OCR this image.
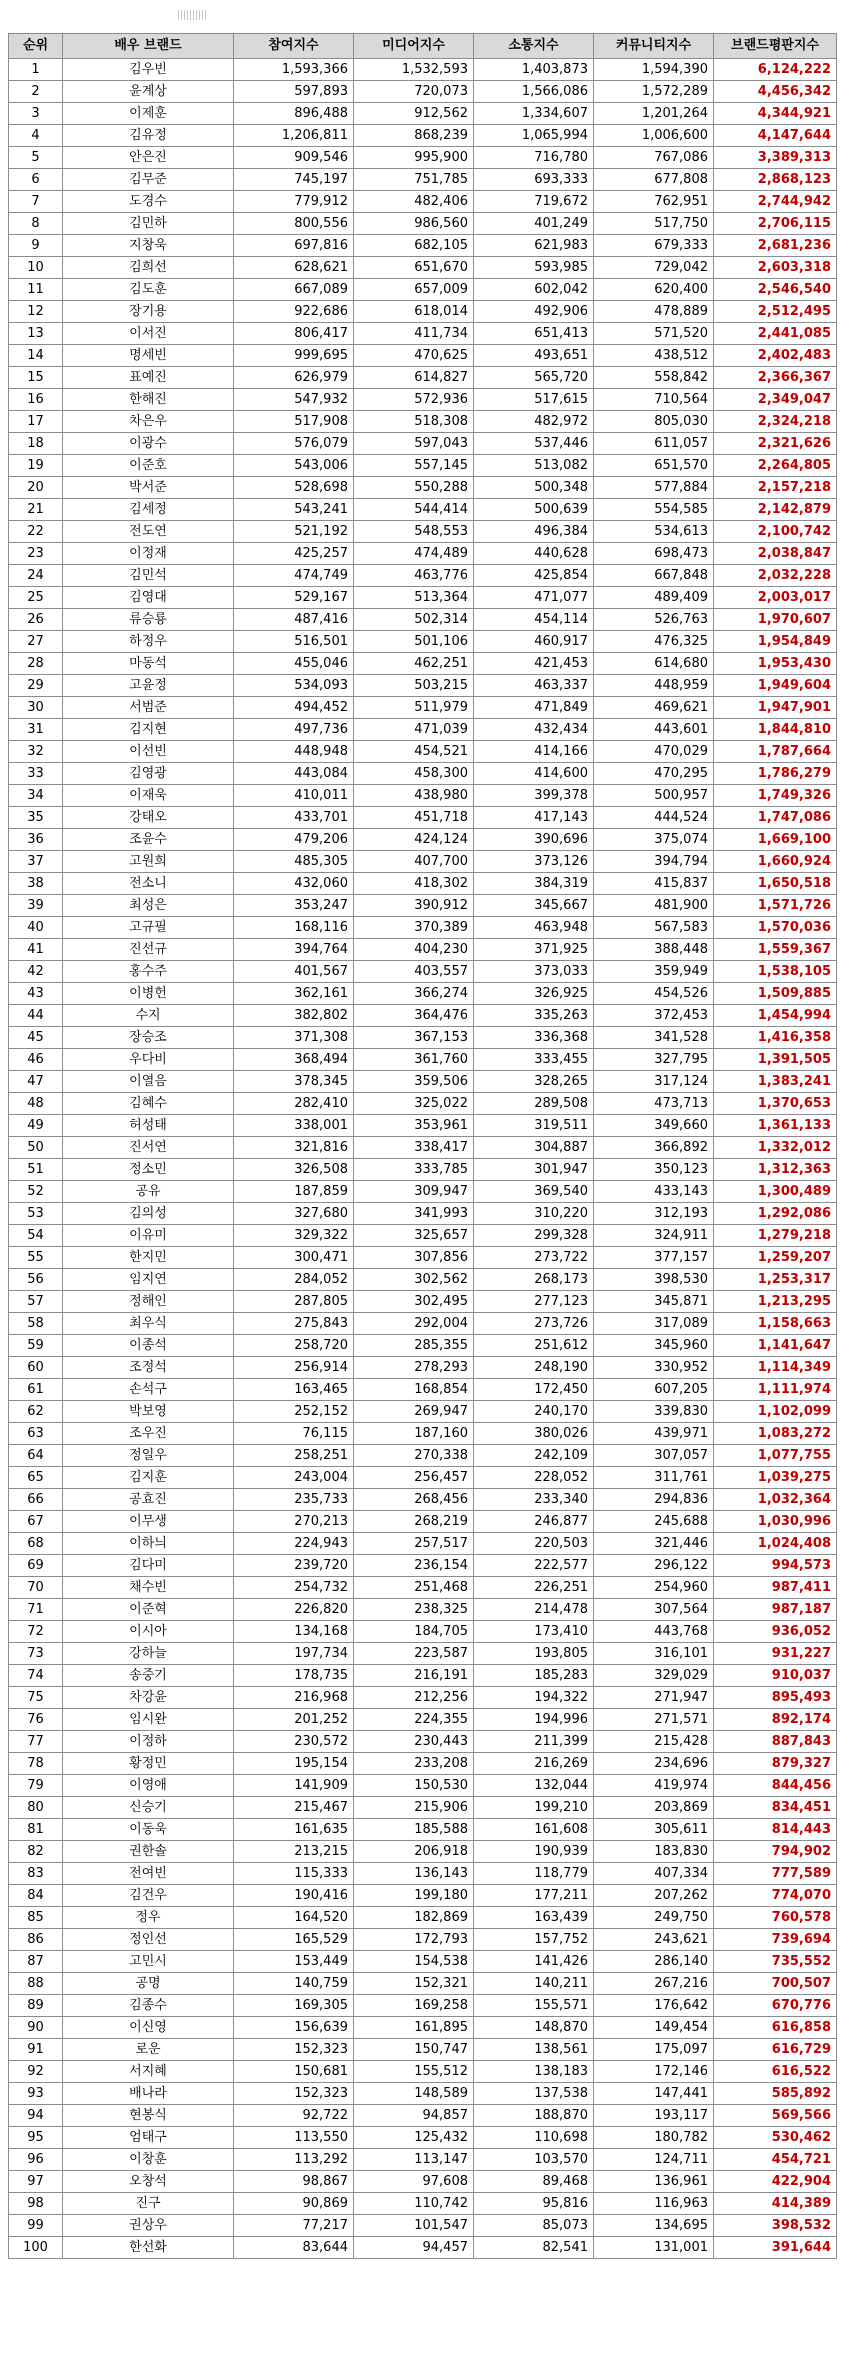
순위	배우 브랜드	참여지수	미디어지수	소통지수	커뮤니티지수	브랜드평판지수
1	김우빈	1,593,366	1,532,593	1,403,873	1,594,390	6,124,222
2	윤계상	597,893	720,073	1,566,086	1,572,289	4,456,342
3	이제훈	896,488	912,562	1,334,607	1,201,264	4,344,921
4	김유정	1,206,811	868,239	1,065,994	1,006,600	4,147,644
5	안은진	909,546	995,900	716,780	767,086	3,389,313
6	김무준	745,197	751,785	693,333	677,808	2,868,123
7	도경수	779,912	482,406	719,672	762,951	2,744,942
8	김민하	800,556	986,560	401,249	517,750	2,706,115
9	지창욱	697,816	682,105	621,983	679,333	2,681,236
10	김희선	628,621	651,670	593,985	729,042	2,603,318
11	김도훈	667,089	657,009	602,042	620,400	2,546,540
12	장기용	922,686	618,014	492,906	478,889	2,512,495
13	이서진	806,417	411,734	651,413	571,520	2,441,085
14	명세빈	999,695	470,625	493,651	438,512	2,402,483
15	표예진	626,979	614,827	565,720	558,842	2,366,367
16	한해진	547,932	572,936	517,615	710,564	2,349,047
17	차은우	517,908	518,308	482,972	805,030	2,324,218
18	이광수	576,079	597,043	537,446	611,057	2,321,626
19	이준호	543,006	557,145	513,082	651,570	2,264,805
20	박서준	528,698	550,288	500,348	577,884	2,157,218
21	김세정	543,241	544,414	500,639	554,585	2,142,879
22	전도연	521,192	548,553	496,384	534,613	2,100,742
23	이정재	425,257	474,489	440,628	698,473	2,038,847
24	김민석	474,749	463,776	425,854	667,848	2,032,228
25	김영대	529,167	513,364	471,077	489,409	2,003,017
26	류승룡	487,416	502,314	454,114	526,763	1,970,607
27	하정우	516,501	501,106	460,917	476,325	1,954,849
28	마동석	455,046	462,251	421,453	614,680	1,953,430
29	고윤정	534,093	503,215	463,337	448,959	1,949,604
30	서범준	494,452	511,979	471,849	469,621	1,947,901
31	김지현	497,736	471,039	432,434	443,601	1,844,810
32	이선빈	448,948	454,521	414,166	470,029	1,787,664
33	김영광	443,084	458,300	414,600	470,295	1,786,279
34	이재욱	410,011	438,980	399,378	500,957	1,749,326
35	강태오	433,701	451,718	417,143	444,524	1,747,086
36	조윤수	479,206	424,124	390,696	375,074	1,669,100
37	고원희	485,305	407,700	373,126	394,794	1,660,924
38	전소니	432,060	418,302	384,319	415,837	1,650,518
39	최성은	353,247	390,912	345,667	481,900	1,571,726
40	고규필	168,116	370,389	463,948	567,583	1,570,036
41	진선규	394,764	404,230	371,925	388,448	1,559,367
42	홍수주	401,567	403,557	373,033	359,949	1,538,105
43	이병헌	362,161	366,274	326,925	454,526	1,509,885
44	수지	382,802	364,476	335,263	372,453	1,454,994
45	장승조	371,308	367,153	336,368	341,528	1,416,358
46	우다비	368,494	361,760	333,455	327,795	1,391,505
47	이열음	378,345	359,506	328,265	317,124	1,383,241
48	김혜수	282,410	325,022	289,508	473,713	1,370,653
49	허성태	338,001	353,961	319,511	349,660	1,361,133
50	진서연	321,816	338,417	304,887	366,892	1,332,012
51	정소민	326,508	333,785	301,947	350,123	1,312,363
52	공유	187,859	309,947	369,540	433,143	1,300,489
53	김의성	327,680	341,993	310,220	312,193	1,292,086
54	이유미	329,322	325,657	299,328	324,911	1,279,218
55	한지민	300,471	307,856	273,722	377,157	1,259,207
56	임지연	284,052	302,562	268,173	398,530	1,253,317
57	정해인	287,805	302,495	277,123	345,871	1,213,295
58	최우식	275,843	292,004	273,726	317,089	1,158,663
59	이종석	258,720	285,355	251,612	345,960	1,141,647
60	조정석	256,914	278,293	248,190	330,952	1,114,349
61	손석구	163,465	168,854	172,450	607,205	1,111,974
62	박보영	252,152	269,947	240,170	339,830	1,102,099
63	조우진	76,115	187,160	380,026	439,971	1,083,272
64	정일우	258,251	270,338	242,109	307,057	1,077,755
65	김지훈	243,004	256,457	228,052	311,761	1,039,275
66	공효진	235,733	268,456	233,340	294,836	1,032,364
67	이무생	270,213	268,219	246,877	245,688	1,030,996
68	이하늬	224,943	257,517	220,503	321,446	1,024,408
69	김다미	239,720	236,154	222,577	296,122	994,573
70	채수빈	254,732	251,468	226,251	254,960	987,411
71	이준혁	226,820	238,325	214,478	307,564	987,187
72	이시아	134,168	184,705	173,410	443,768	936,052
73	강하늘	197,734	223,587	193,805	316,101	931,227
74	송중기	178,735	216,191	185,283	329,029	910,037
75	차강윤	216,968	212,256	194,322	271,947	895,493
76	임시완	201,252	224,355	194,996	271,571	892,174
77	이정하	230,572	230,443	211,399	215,428	887,843
78	황정민	195,154	233,208	216,269	234,696	879,327
79	이영애	141,909	150,530	132,044	419,974	844,456
80	신승기	215,467	215,906	199,210	203,869	834,451
81	이동욱	161,635	185,588	161,608	305,611	814,443
82	권한솔	213,215	206,918	190,939	183,830	794,902
83	전여빈	115,333	136,143	118,779	407,334	777,589
84	김건우	190,416	199,180	177,211	207,262	774,070
85	정우	164,520	182,869	163,439	249,750	760,578
86	정인선	165,529	172,793	157,752	243,621	739,694
87	고민시	153,449	154,538	141,426	286,140	735,552
88	공명	140,759	152,321	140,211	267,216	700,507
89	김종수	169,305	169,258	155,571	176,642	670,776
90	이신영	156,639	161,895	148,870	149,454	616,858
91	로운	152,323	150,747	138,561	175,097	616,729
92	서지혜	150,681	155,512	138,183	172,146	616,522
93	배나라	152,323	148,589	137,538	147,441	585,892
94	현봉식	92,722	94,857	188,870	193,117	569,566
95	엄태구	113,550	125,432	110,698	180,782	530,462
96	이창훈	113,292	113,147	103,570	124,711	454,721
97	오창석	98,867	97,608	89,468	136,961	422,904
98	진구	90,869	110,742	95,816	116,963	414,389
99	권상우	77,217	101,547	85,073	134,695	398,532
100	한선화	83,644	94,457	82,541	131,001	391,644
